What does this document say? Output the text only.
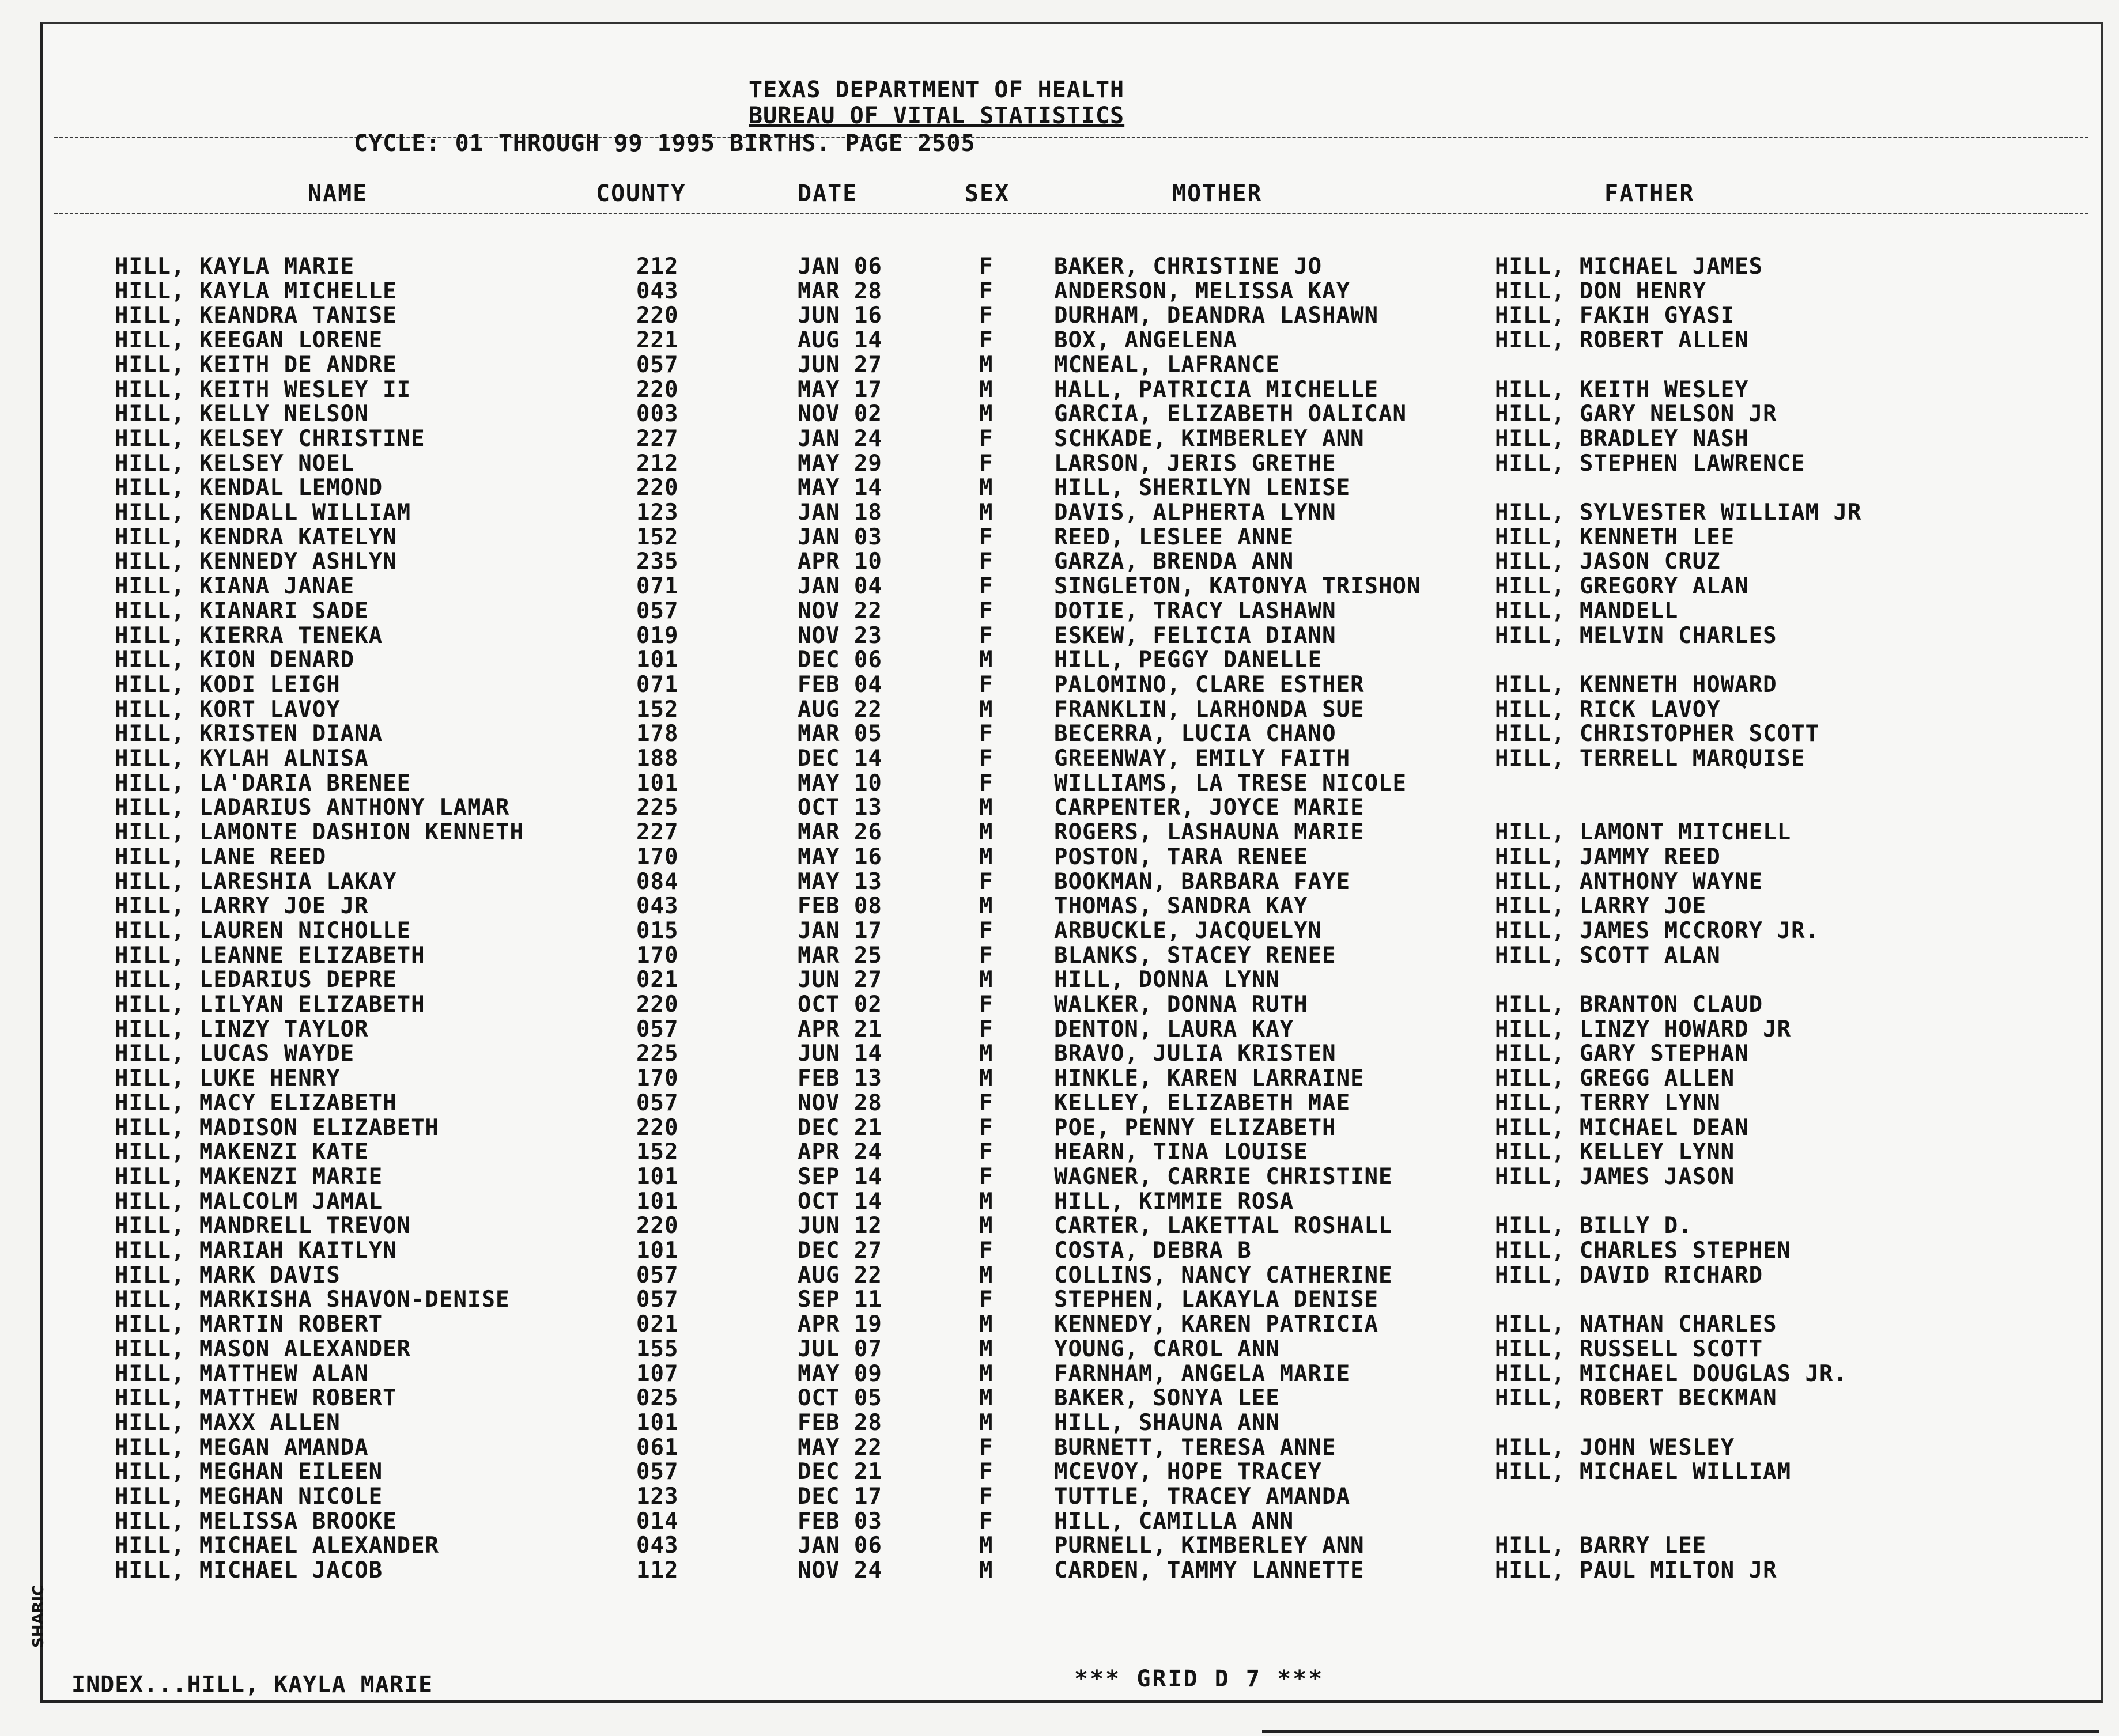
TEXAS DEPARTMENT OF HEALTH
BUREAU OF VITAL STATISTICS
CYCLE: 01 THROUGH 99 1995 BIRTHS. PAGE 2505
NAME	COUNTY	DATE	SEX	MOTHER	FATHER
HILL, KAYLA MARIE	212	JAN 06	F	BAKER, CHRISTINE JO	HILL, MICHAEL JAMES
HILL, KAYLA MICHELLE	043	MAR 28	F	ANDERSON, MELISSA KAY	HILL, DON HENRY
HILL, KEANDRA TANISE	220	JUN 16	F	DURHAM, DEANDRA LASHAWN	HILL, FAKIH GYASI
HILL, KEEGAN LORENE	221	AUG 14	F	BOX, ANGELENA	HILL, ROBERT ALLEN
HILL, KEITH DE ANDRE	057	JUN 27	M	MCNEAL, LAFRANCE
HILL, KEITH WESLEY II	220	MAY 17	M	HALL, PATRICIA MICHELLE	HILL, KEITH WESLEY
HILL, KELLY NELSON	003	NOV 02	M	GARCIA, ELIZABETH OALICAN	HILL, GARY NELSON JR
HILL, KELSEY CHRISTINE	227	JAN 24	F	SCHKADE, KIMBERLEY ANN	HILL, BRADLEY NASH
HILL, KELSEY NOEL	212	MAY 29	F	LARSON, JERIS GRETHE	HILL, STEPHEN LAWRENCE
HILL, KENDAL LEMOND	220	MAY 14	M	HILL, SHERILYN LENISE
HILL, KENDALL WILLIAM	123	JAN 18	M	DAVIS, ALPHERTA LYNN	HILL, SYLVESTER WILLIAM JR
HILL, KENDRA KATELYN	152	JAN 03	F	REED, LESLEE ANNE	HILL, KENNETH LEE
HILL, KENNEDY ASHLYN	235	APR 10	F	GARZA, BRENDA ANN	HILL, JASON CRUZ
HILL, KIANA JANAE	071	JAN 04	F	SINGLETON, KATONYA TRISHON	HILL, GREGORY ALAN
HILL, KIANARI SADE	057	NOV 22	F	DOTIE, TRACY LASHAWN	HILL, MANDELL
HILL, KIERRA TENEKA	019	NOV 23	F	ESKEW, FELICIA DIANN	HILL, MELVIN CHARLES
HILL, KION DENARD	101	DEC 06	M	HILL, PEGGY DANELLE
HILL, KODI LEIGH	071	FEB 04	F	PALOMINO, CLARE ESTHER	HILL, KENNETH HOWARD
HILL, KORT LAVOY	152	AUG 22	M	FRANKLIN, LARHONDA SUE	HILL, RICK LAVOY
HILL, KRISTEN DIANA	178	MAR 05	F	BECERRA, LUCIA CHANO	HILL, CHRISTOPHER SCOTT
HILL, KYLAH ALNISA	188	DEC 14	F	GREENWAY, EMILY FAITH	HILL, TERRELL MARQUISE
HILL, LA'DARIA BRENEE	101	MAY 10	F	WILLIAMS, LA TRESE NICOLE
HILL, LADARIUS ANTHONY LAMAR	225	OCT 13	M	CARPENTER, JOYCE MARIE
HILL, LAMONTE DASHION KENNETH	227	MAR 26	M	ROGERS, LASHAUNA MARIE	HILL, LAMONT MITCHELL
HILL, LANE REED	170	MAY 16	M	POSTON, TARA RENEE	HILL, JAMMY REED
HILL, LARESHIA LAKAY	084	MAY 13	F	BOOKMAN, BARBARA FAYE	HILL, ANTHONY WAYNE
HILL, LARRY JOE JR	043	FEB 08	M	THOMAS, SANDRA KAY	HILL, LARRY JOE
HILL, LAUREN NICHOLLE	015	JAN 17	F	ARBUCKLE, JACQUELYN	HILL, JAMES MCCRORY JR.
HILL, LEANNE ELIZABETH	170	MAR 25	F	BLANKS, STACEY RENEE	HILL, SCOTT ALAN
HILL, LEDARIUS DEPRE	021	JUN 27	M	HILL, DONNA LYNN
HILL, LILYAN ELIZABETH	220	OCT 02	F	WALKER, DONNA RUTH	HILL, BRANTON CLAUD
HILL, LINZY TAYLOR	057	APR 21	F	DENTON, LAURA KAY	HILL, LINZY HOWARD JR
HILL, LUCAS WAYDE	225	JUN 14	M	BRAVO, JULIA KRISTEN	HILL, GARY STEPHAN
HILL, LUKE HENRY	170	FEB 13	M	HINKLE, KAREN LARRAINE	HILL, GREGG ALLEN
HILL, MACY ELIZABETH	057	NOV 28	F	KELLEY, ELIZABETH MAE	HILL, TERRY LYNN
HILL, MADISON ELIZABETH	220	DEC 21	F	POE, PENNY ELIZABETH	HILL, MICHAEL DEAN
HILL, MAKENZI KATE	152	APR 24	F	HEARN, TINA LOUISE	HILL, KELLEY LYNN
HILL, MAKENZI MARIE	101	SEP 14	F	WAGNER, CARRIE CHRISTINE	HILL, JAMES JASON
HILL, MALCOLM JAMAL	101	OCT 14	M	HILL, KIMMIE ROSA
HILL, MANDRELL TREVON	220	JUN 12	M	CARTER, LAKETTAL ROSHALL	HILL, BILLY D.
HILL, MARIAH KAITLYN	101	DEC 27	F	COSTA, DEBRA B	HILL, CHARLES STEPHEN
HILL, MARK DAVIS	057	AUG 22	M	COLLINS, NANCY CATHERINE	HILL, DAVID RICHARD
HILL, MARKISHA SHAVON-DENISE	057	SEP 11	F	STEPHEN, LAKAYLA DENISE
HILL, MARTIN ROBERT	021	APR 19	M	KENNEDY, KAREN PATRICIA	HILL, NATHAN CHARLES
HILL, MASON ALEXANDER	155	JUL 07	M	YOUNG, CAROL ANN	HILL, RUSSELL SCOTT
HILL, MATTHEW ALAN	107	MAY 09	M	FARNHAM, ANGELA MARIE	HILL, MICHAEL DOUGLAS JR.
HILL, MATTHEW ROBERT	025	OCT 05	M	BAKER, SONYA LEE	HILL, ROBERT BECKMAN
HILL, MAXX ALLEN	101	FEB 28	M	HILL, SHAUNA ANN
HILL, MEGAN AMANDA	061	MAY 22	F	BURNETT, TERESA ANNE	HILL, JOHN WESLEY
HILL, MEGHAN EILEEN	057	DEC 21	F	MCEVOY, HOPE TRACEY	HILL, MICHAEL WILLIAM
HILL, MEGHAN NICOLE	123	DEC 17	F	TUTTLE, TRACEY AMANDA
HILL, MELISSA BROOKE	014	FEB 03	F	HILL, CAMILLA ANN
HILL, MICHAEL ALEXANDER	043	JAN 06	M	PURNELL, KIMBERLEY ANN	HILL, BARRY LEE
HILL, MICHAEL JACOB	112	NOV 24	M	CARDEN, TAMMY LANNETTE	HILL, PAUL MILTON JR
INDEX...HILL, KAYLA MARIE	*** GRID D 7 ***
SHARIC
